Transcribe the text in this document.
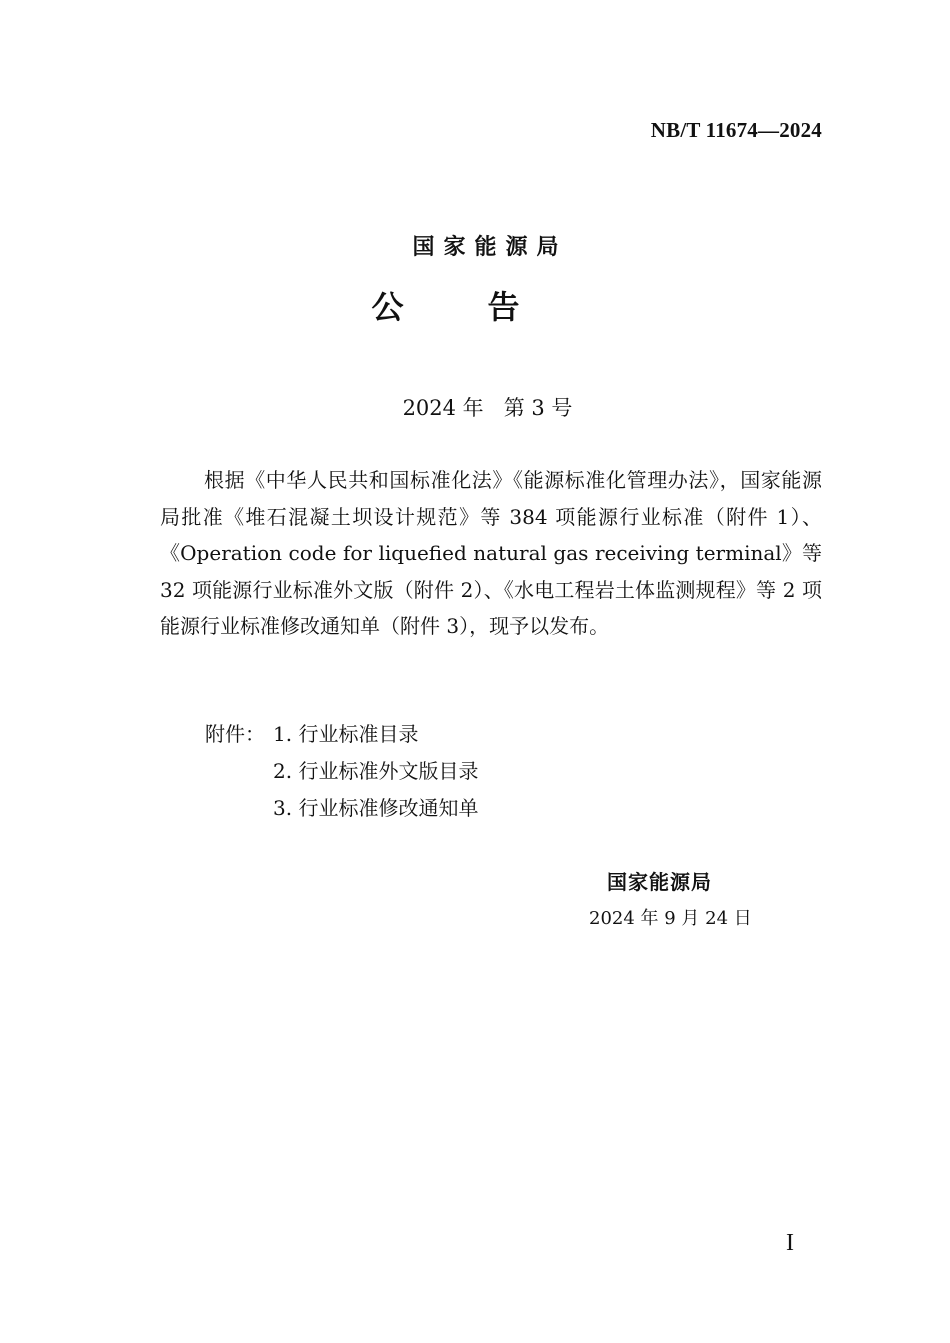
NB/T 11674—2024
国家能源局
公告
2024 年   第 3 号
根据《中华人民共和国标准化法》《能源标准化管理办法》，国家能源局批准《堆石混凝土坝设计规范》等 384 项能源行业标准（附件 1）、《Operation code for liquefied natural gas receiving terminal》等 32 项能源行业标准外文版（附件 2）、《水电工程岩土体监测规程》等 2 项能源行业标准修改通知单（附件 3），现予以发布。
附件： 1. 行业标准目录
2. 行业标准外文版目录
3. 行业标准修改通知单
国家能源局
2024 年 9 月 24 日
I
